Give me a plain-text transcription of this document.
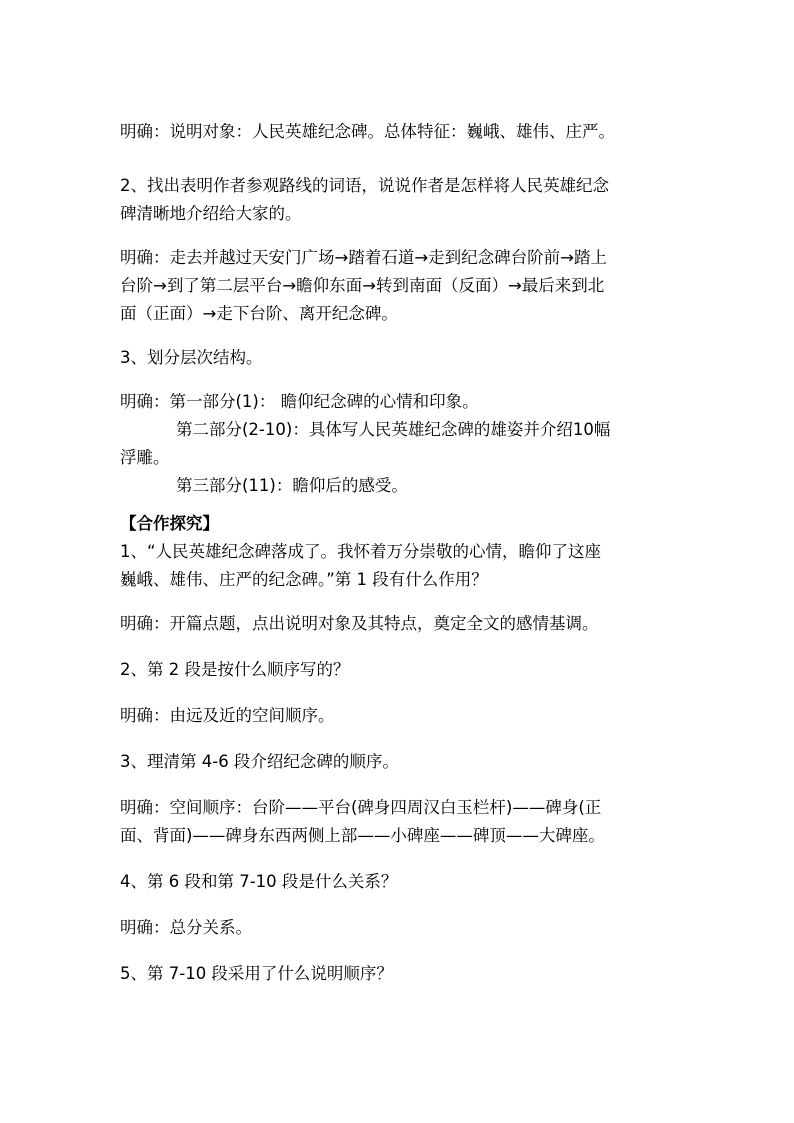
明确：说明对象：人民英雄纪念碑。总体特征：巍峨、雄伟、庄严。
2、找出表明作者参观路线的词语，说说作者是怎样将人民英雄纪念
碑清晰地介绍给大家的。
明确：走去并越过天安门广场→踏着石道→走到纪念碑台阶前→踏上
台阶→到了第二层平台→瞻仰东面→转到南面（反面）→最后来到北
面（正面）→走下台阶、离开纪念碑。
3、划分层次结构。
明确：第一部分(1)： 瞻仰纪念碑的心情和印象。
第二部分(2-10)：具体写人民英雄纪念碑的雄姿并介绍10幅
浮雕。
第三部分(11)：瞻仰后的感受。
【合作探究】
1、“人民英雄纪念碑落成了。我怀着万分崇敬的心情，瞻仰了这座
巍峨、雄伟、庄严的纪念碑。”第 1 段有什么作用？
明确：开篇点题，点出说明对象及其特点，奠定全文的感情基调。
2、第 2 段是按什么顺序写的？
明确：由远及近的空间顺序。
3、理清第 4-6 段介绍纪念碑的顺序。
明确：空间顺序：台阶——平台(碑身四周汉白玉栏杆)——碑身(正
面、背面)——碑身东西两侧上部——小碑座——碑顶——大碑座。
4、第 6 段和第 7-10 段是什么关系？
明确：总分关系。
5、第 7-10 段采用了什么说明顺序？
